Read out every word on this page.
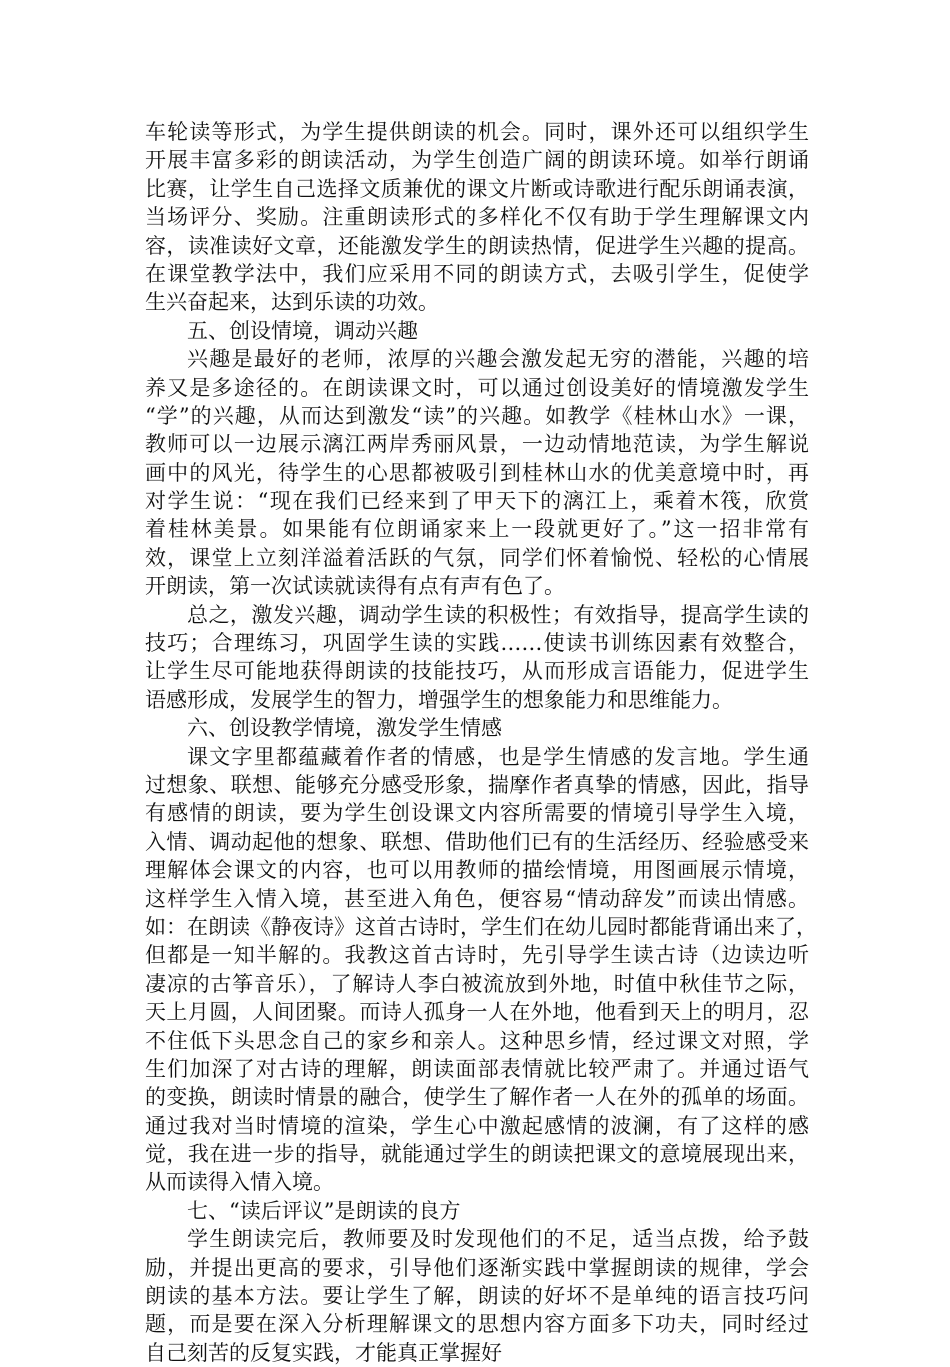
车轮读等形式，为学生提供朗读的机会。同时，课外还可以组织学生
开展丰富多彩的朗读活动，为学生创造广阔的朗读环境。如举行朗诵
比赛，让学生自己选择文质兼优的课文片断或诗歌进行配乐朗诵表演，
当场评分、奖励。注重朗读形式的多样化不仅有助于学生理解课文内
容，读准读好文章，还能激发学生的朗读热情，促进学生兴趣的提高。
在课堂教学法中，我们应采用不同的朗读方式，去吸引学生，促使学
生兴奋起来，达到乐读的功效。
五、创设情境，调动兴趣
兴趣是最好的老师，浓厚的兴趣会激发起无穷的潜能，兴趣的培
养又是多途径的。在朗读课文时，可以通过创设美好的情境激发学生
“学”的兴趣，从而达到激发“读”的兴趣。如教学《桂林山水》一课，
教师可以一边展示漓江两岸秀丽风景，一边动情地范读，为学生解说
画中的风光，待学生的心思都被吸引到桂林山水的优美意境中时，再
对学生说：“现在我们已经来到了甲天下的漓江上，乘着木筏，欣赏
着桂林美景。如果能有位朗诵家来上一段就更好了。”这一招非常有
效，课堂上立刻洋溢着活跃的气氛，同学们怀着愉悦、轻松的心情展
开朗读，第一次试读就读得有点有声有色了。
总之，激发兴趣，调动学生读的积极性；有效指导，提高学生读的
技巧；合理练习，巩固学生读的实践……使读书训练因素有效整合，
让学生尽可能地获得朗读的技能技巧，从而形成言语能力，促进学生
语感形成，发展学生的智力，增强学生的想象能力和思维能力。
六、创设教学情境，激发学生情感
课文字里都蕴藏着作者的情感，也是学生情感的发言地。学生通
过想象、联想、能够充分感受形象，揣摩作者真挚的情感，因此，指导
有感情的朗读，要为学生创设课文内容所需要的情境引导学生入境，
入情、调动起他的想象、联想、借助他们已有的生活经历、经验感受来
理解体会课文的内容，也可以用教师的描绘情境，用图画展示情境，
这样学生入情入境，甚至进入角色，便容易“情动辞发”而读出情感。
如：在朗读《静夜诗》这首古诗时，学生们在幼儿园时都能背诵出来了，
但都是一知半解的。我教这首古诗时，先引导学生读古诗（边读边听
凄凉的古筝音乐），了解诗人李白被流放到外地，时值中秋佳节之际，
天上月圆，人间团聚。而诗人孤身一人在外地，他看到天上的明月，忍
不住低下头思念自己的家乡和亲人。这种思乡情，经过课文对照，学
生们加深了对古诗的理解，朗读面部表情就比较严肃了。并通过语气
的变换，朗读时情景的融合，使学生了解作者一人在外的孤单的场面。
通过我对当时情境的渲染，学生心中激起感情的波澜，有了这样的感
觉，我在进一步的指导，就能通过学生的朗读把课文的意境展现出来，
从而读得入情入境。
七、“读后评议”是朗读的良方
学生朗读完后，教师要及时发现他们的不足，适当点拨，给予鼓
励，并提出更高的要求，引导他们逐渐实践中掌握朗读的规律，学会
朗读的基本方法。要让学生了解，朗读的好坏不是单纯的语言技巧问
题，而是要在深入分析理解课文的思想内容方面多下功夫，同时经过
自己刻苦的反复实践，才能真正掌握好
